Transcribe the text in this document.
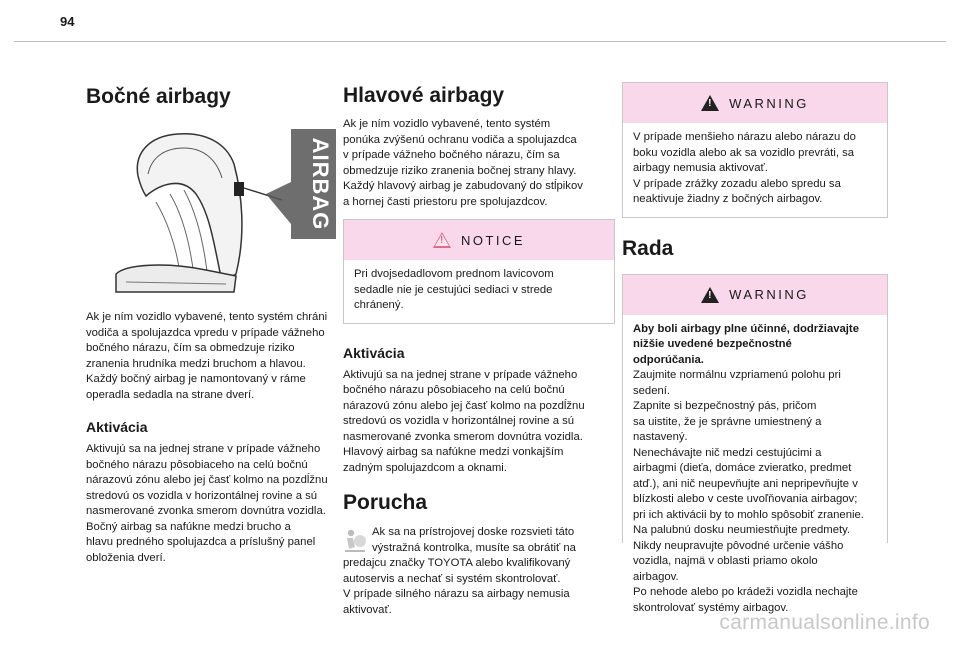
94
Bočné airbagy
AIRBAG

Ak je ním vozidlo vybavené, tento systém chráni
vodiča a spolujazdca vpredu v prípade vážneho
bočného nárazu, čím sa obmedzuje riziko
zranenia hrudníka medzi bruchom a hlavou.
Každý bočný airbag je namontovaný v ráme
operadla sedadla na strane dverí.

Aktivácia

Aktivujú sa na jednej strane v prípade vážneho
bočného nárazu pôsobiaceho na celú bočnú
nárazovú zónu alebo jej časť kolmo na pozdĺžnu
stredovú os vozidla v horizontálnej rovine a sú
nasmerované zvonka smerom dovnútra vozidla.
Bočný airbag sa nafúkne medzi brucho a
hlavu predného spolujazdca a príslušný panel
obloženia dverí.

Hlavové airbagy

Ak je ním vozidlo vybavené, tento systém
ponúka zvýšenú ochranu vodiča a spolujazdca
v prípade vážneho bočného nárazu, čím sa
obmedzuje riziko zranenia bočnej strany hlavy.
Každý hlavový airbag je zabudovaný do stĺpikov
a hornej časti priestoru pre spolujazdcov.

!
NOTICE

Pri dvojsedadlovom prednom lavicovom
sedadle nie je cestujúci sediaci v strede
chránený.

Aktivácia

Aktivujú sa na jednej strane v prípade vážneho
bočného nárazu pôsobiaceho na celú bočnú
nárazovú zónu alebo jej časť kolmo na pozdĺžnu
stredovú os vozidla v horizontálnej rovine a sú
nasmerované zvonka smerom dovnútra vozidla.
Hlavový airbag sa nafúkne medzi vonkajším
zadným spolujazdcom a oknami.

Porucha

Ak sa na prístrojovej doske rozsvieti táto
výstražná kontrolka, musíte sa obrátiť na

predajcu značky TOYOTA alebo kvalifikovaný
autoservis a nechať si systém skontrolovať.
V prípade silného nárazu sa airbagy nemusia
aktivovať.

!
WARNING

V prípade menšieho nárazu alebo nárazu do
boku vozidla alebo ak sa vozidlo prevráti, sa
airbagy nemusia aktivovať.
V prípade zrážky zozadu alebo spredu sa
neaktivuje žiadny z bočných airbagov.

Rada
!
WARNING

Aby boli airbagy plne účinné, dodržiavajte
nižšie uvedené bezpečnostné
odporúčania.

Zaujmite normálnu vzpriamenú polohu pri
sedení.
Zapnite si bezpečnostný pás, pričom
sa uistite, že je správne umiestnený a
nastavený.
Nenechávajte nič medzi cestujúcimi a
airbagmi (dieťa, domáce zvieratko, predmet
atď.), ani nič neupevňujte ani nepripevňujte v
blízkosti alebo v ceste uvoľňovania airbagov;
pri ich aktivácii by to mohlo spôsobiť zranenie.
Na palubnú dosku neumiestňujte predmety.
Nikdy neupravujte pôvodné určenie vášho
vozidla, najmä v oblasti priamo okolo
airbagov.
Po nehode alebo po krádeži vozidla nechajte
skontrolovať systémy airbagov.

carmanualsonline.info
